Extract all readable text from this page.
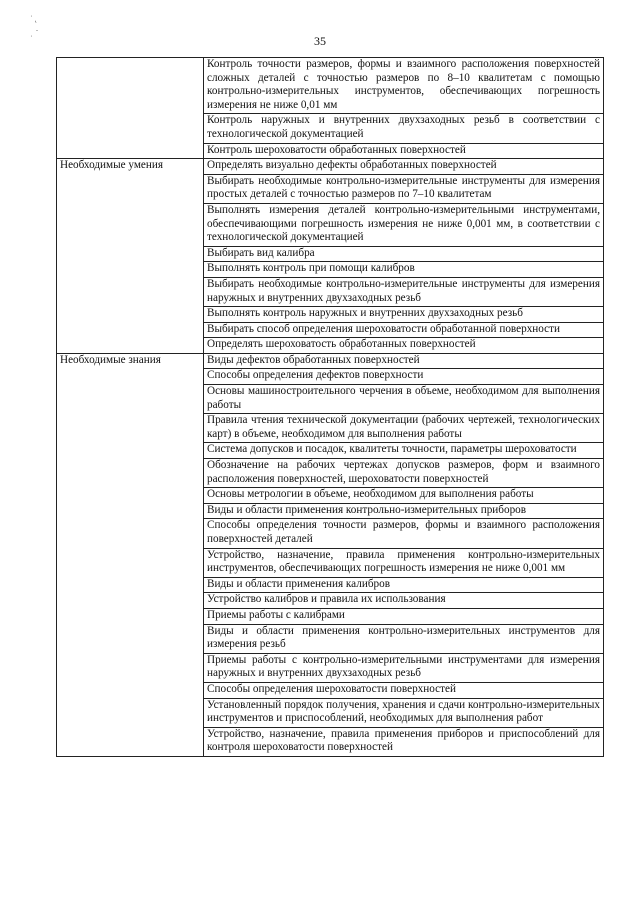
˙ ˛
.
˙	35
	Контроль точности размеров, формы и взаимного расположения поверхностей сложных деталей с точностью размеров по 8–10 квалитетам с помощью контрольно-измерительных инструментов, обеспечивающих погрешность измерения не ниже 0,01 мм
	Контроль наружных и внутренних двухзаходных резьб в соответствии с технологической документацией
	Контроль шероховатости обработанных поверхностей
Необходимые умения	Определять визуально дефекты обработанных поверхностей
	Выбирать необходимые контрольно-измерительные инструменты для измерения простых деталей с точностью размеров по 7–10 квалитетам
	Выполнять измерения деталей контрольно-измерительными инструментами, обеспечивающими погрешность измерения не ниже 0,001 мм, в соответствии с технологической документацией
	Выбирать вид калибра
	Выполнять контроль при помощи калибров
	Выбирать необходимые контрольно-измерительные инструменты для измерения наружных и внутренних двухзаходных резьб
	Выполнять контроль наружных и внутренних двухзаходных резьб
	Выбирать способ определения шероховатости обработанной поверхности
	Определять шероховатость обработанных поверхностей
Необходимые знания	Виды дефектов обработанных поверхностей
	Способы определения дефектов поверхности
	Основы машиностроительного черчения в объеме, необходимом для выполнения работы
	Правила чтения технической документации (рабочих чертежей, технологических карт) в объеме, необходимом для выполнения работы
	Система допусков и посадок, квалитеты точности, параметры шероховатости
	Обозначение на рабочих чертежах допусков размеров, форм и взаимного расположения поверхностей, шероховатости поверхностей
	Основы метрологии в объеме, необходимом для выполнения работы
	Виды и области применения контрольно-измерительных приборов
	Способы определения точности размеров, формы и взаимного расположения поверхностей деталей
	Устройство, назначение, правила применения контрольно-измерительных инструментов, обеспечивающих погрешность измерения не ниже 0,001 мм
	Виды и области применения калибров
	Устройство калибров и правила их использования
	Приемы работы с калибрами
	Виды и области применения контрольно-измерительных инструментов для измерения резьб
	Приемы работы с контрольно-измерительными инструментами для измерения наружных и внутренних двухзаходных резьб
	Способы определения шероховатости поверхностей
	Установленный порядок получения, хранения и сдачи контрольно-измерительных инструментов и приспособлений, необходимых для выполнения работ
	Устройство, назначение, правила применения приборов и приспособлений для контроля шероховатости поверхностей
